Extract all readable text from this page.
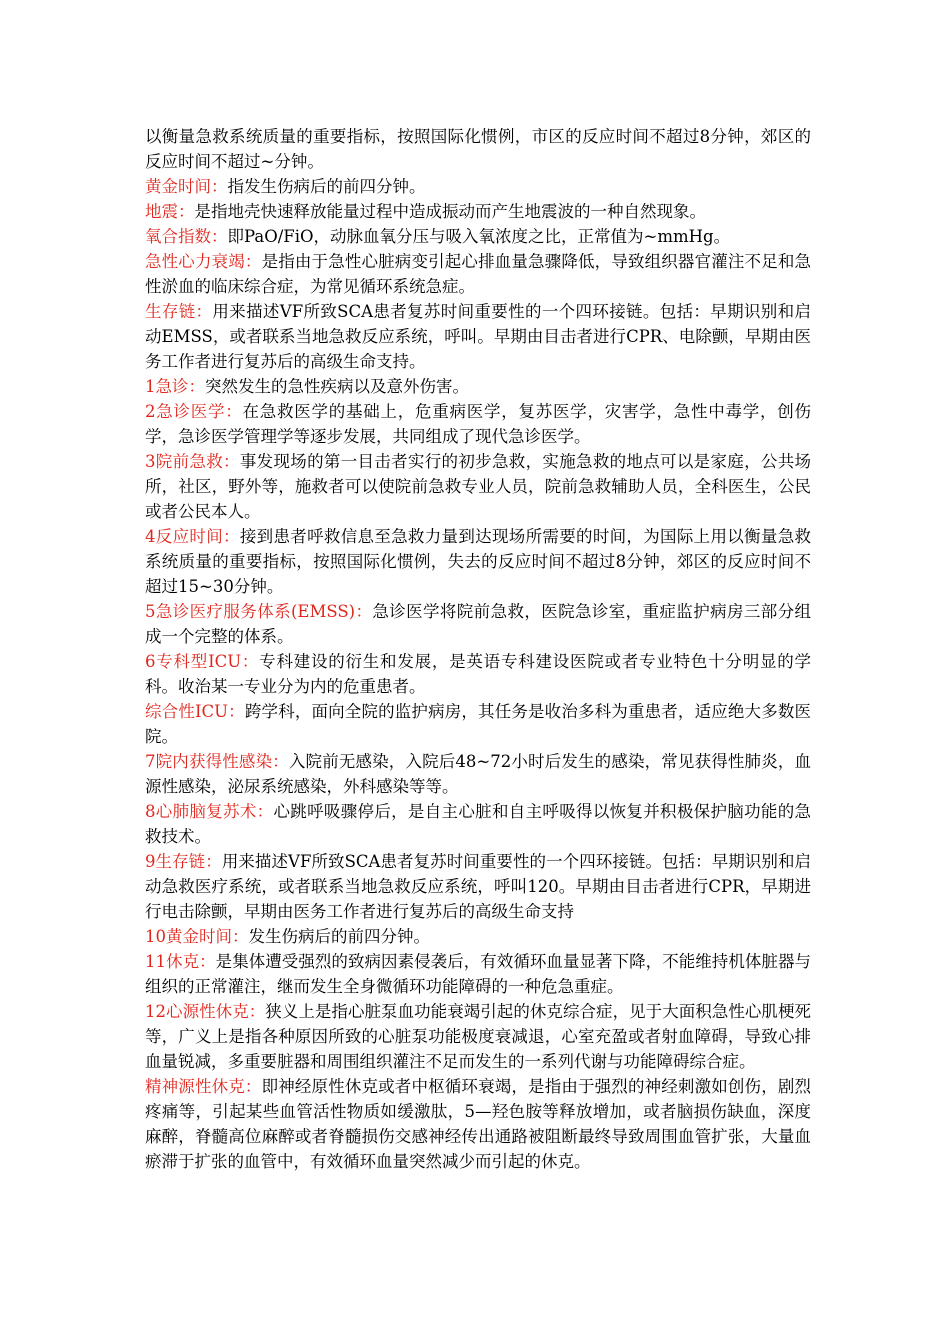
以衡量急救系统质量的重要指标，按照国际化惯例，市区的反应时间不超过8分钟，郊区的反应时间不超过~分钟。

黄金时间：指发生伤病后的前四分钟。

地震：是指地壳快速释放能量过程中造成振动而产生地震波的一种自然现象。

氧合指数：即PaO/FiO，动脉血氧分压与吸入氧浓度之比，正常值为~mmHg。

急性心力衰竭：是指由于急性心脏病变引起心排血量急骤降低，导致组织器官灌注不足和急性淤血的临床综合症，为常见循环系统急症。

生存链：用来描述VF所致SCA患者复苏时间重要性的一个四环接链。包括：早期识别和启动EMSS，或者联系当地急救反应系统，呼叫。早期由目击者进行CPR、电除颤，早期由医务工作者进行复苏后的高级生命支持。

1急诊：突然发生的急性疾病以及意外伤害。

2急诊医学：在急救医学的基础上，危重病医学，复苏医学，灾害学，急性中毒学，创伤学，急诊医学管理学等逐步发展，共同组成了现代急诊医学。

3院前急救：事发现场的第一目击者实行的初步急救，实施急救的地点可以是家庭，公共场所，社区，野外等，施救者可以使院前急救专业人员，院前急救辅助人员，全科医生，公民或者公民本人。

4反应时间：接到患者呼救信息至急救力量到达现场所需要的时间，为国际上用以衡量急救系统质量的重要指标，按照国际化惯例，失去的反应时间不超过8分钟，郊区的反应时间不超过15~30分钟。

5急诊医疗服务体系(EMSS)：急诊医学将院前急救，医院急诊室，重症监护病房三部分组成一个完整的体系。

6专科型ICU：专科建设的衍生和发展，是英语专科建设医院或者专业特色十分明显的学科。收治某一专业分为内的危重患者。

综合性ICU：跨学科，面向全院的监护病房，其任务是收治多科为重患者，适应绝大多数医院。

7院内获得性感染：入院前无感染，入院后48~72小时后发生的感染，常见获得性肺炎，血源性感染，泌尿系统感染，外科感染等等。

8心肺脑复苏术：心跳呼吸骤停后，是自主心脏和自主呼吸得以恢复并积极保护脑功能的急救技术。

9生存链：用来描述VF所致SCA患者复苏时间重要性的一个四环接链。包括：早期识别和启动急救医疗系统，或者联系当地急救反应系统，呼叫120。早期由目击者进行CPR，早期进行电击除颤，早期由医务工作者进行复苏后的高级生命支持

10黄金时间：发生伤病后的前四分钟。

11休克：是集体遭受强烈的致病因素侵袭后，有效循环血量显著下降，不能维持机体脏器与组织的正常灌注，继而发生全身微循环功能障碍的一种危急重症。

12心源性休克：狭义上是指心脏泵血功能衰竭引起的休克综合症，见于大面积急性心肌梗死等，广义上是指各种原因所致的心脏泵功能极度衰减退，心室充盈或者射血障碍，导致心排血量锐减，多重要脏器和周围组织灌注不足而发生的一系列代谢与功能障碍综合症。

精神源性休克：即神经原性休克或者中枢循环衰竭，是指由于强烈的神经刺激如创伤，剧烈疼痛等，引起某些血管活性物质如缓激肽，5—羟色胺等释放增加，或者脑损伤缺血，深度麻醉，脊髓高位麻醉或者脊髓损伤交感神经传出通路被阻断最终导致周围血管扩张，大量血瘀滞于扩张的血管中，有效循环血量突然减少而引起的休克。
